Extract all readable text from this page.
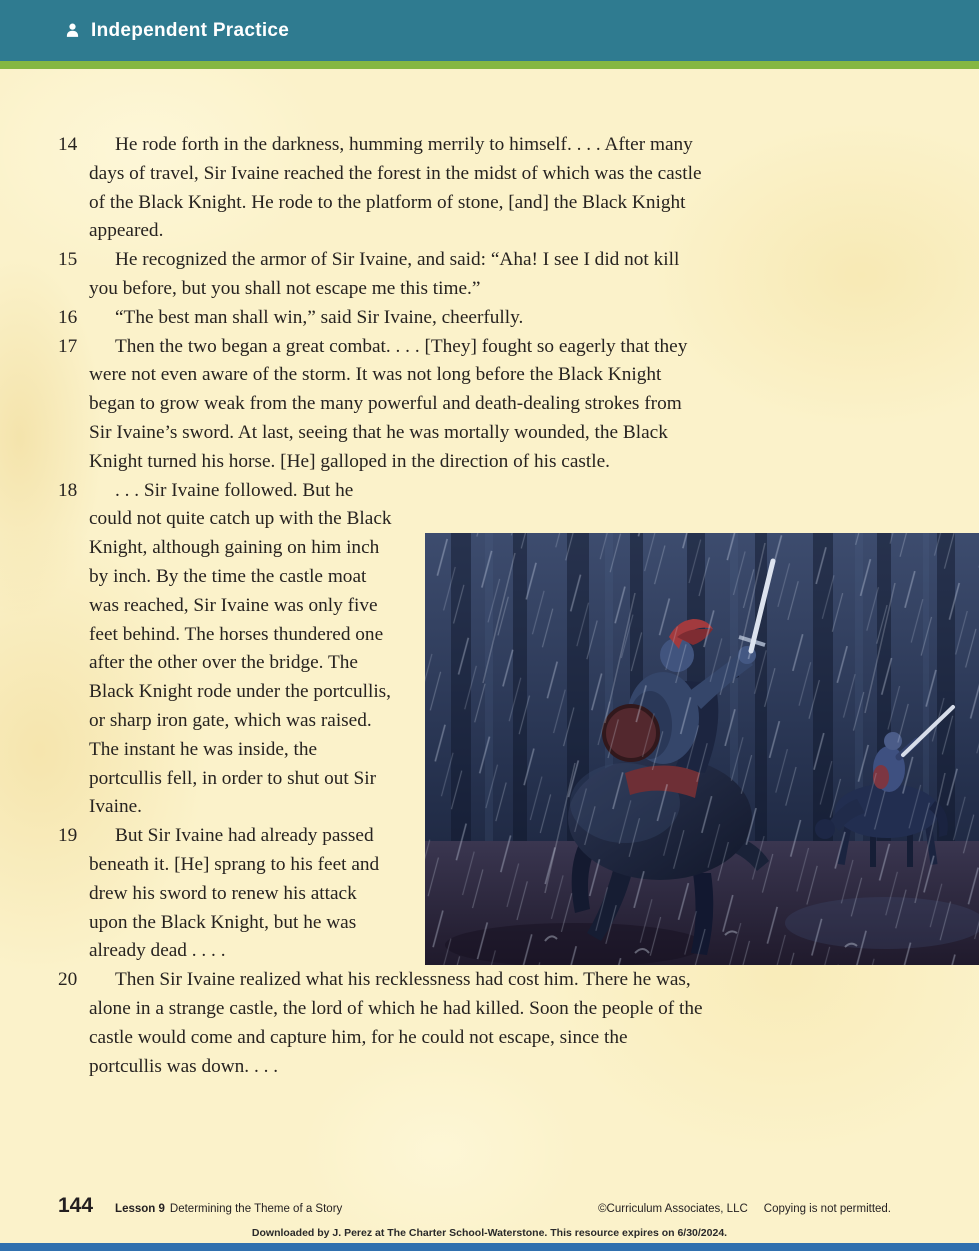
Independent Practice
14 He rode forth in the darkness, humming merrily to himself. . . . After many days of travel, Sir Ivaine reached the forest in the midst of which was the castle of the Black Knight. He rode to the platform of stone, [and] the Black Knight appeared.
15 He recognized the armor of Sir Ivaine, and said: “Aha! I see I did not kill you before, but you shall not escape me this time.”
16 “The best man shall win,” said Sir Ivaine, cheerfully.
17 Then the two began a great combat. . . . [They] fought so eagerly that they were not even aware of the storm. It was not long before the Black Knight began to grow weak from the many powerful and death-dealing strokes from Sir Ivaine’s sword. At last, seeing that he was mortally wounded, the Black Knight turned his horse. [He] galloped in the direction of his castle.
18 . . . Sir Ivaine followed. But he could not quite catch up with the Black Knight, although gaining on him inch by inch. By the time the castle moat was reached, Sir Ivaine was only five feet behind. The horses thundered one after the other over the bridge. The Black Knight rode under the portcullis, or sharp iron gate, which was raised. The instant he was inside, the portcullis fell, in order to shut out Sir Ivaine.
19 But Sir Ivaine had already passed beneath it. [He] sprang to his feet and drew his sword to renew his attack upon the Black Knight, but he was already dead . . . .
20 Then Sir Ivaine realized what his recklessness had cost him. There he was, alone in a strange castle, the lord of which he had killed. Soon the people of the castle would come and capture him, for he could not escape, since the portcullis was down. . . .
144 Lesson 9 Determining the Theme of a Story	©Curriculum Associates, LLC Copying is not permitted.
Downloaded by J. Perez at The Charter School-Waterstone. This resource expires on 6/30/2024.
